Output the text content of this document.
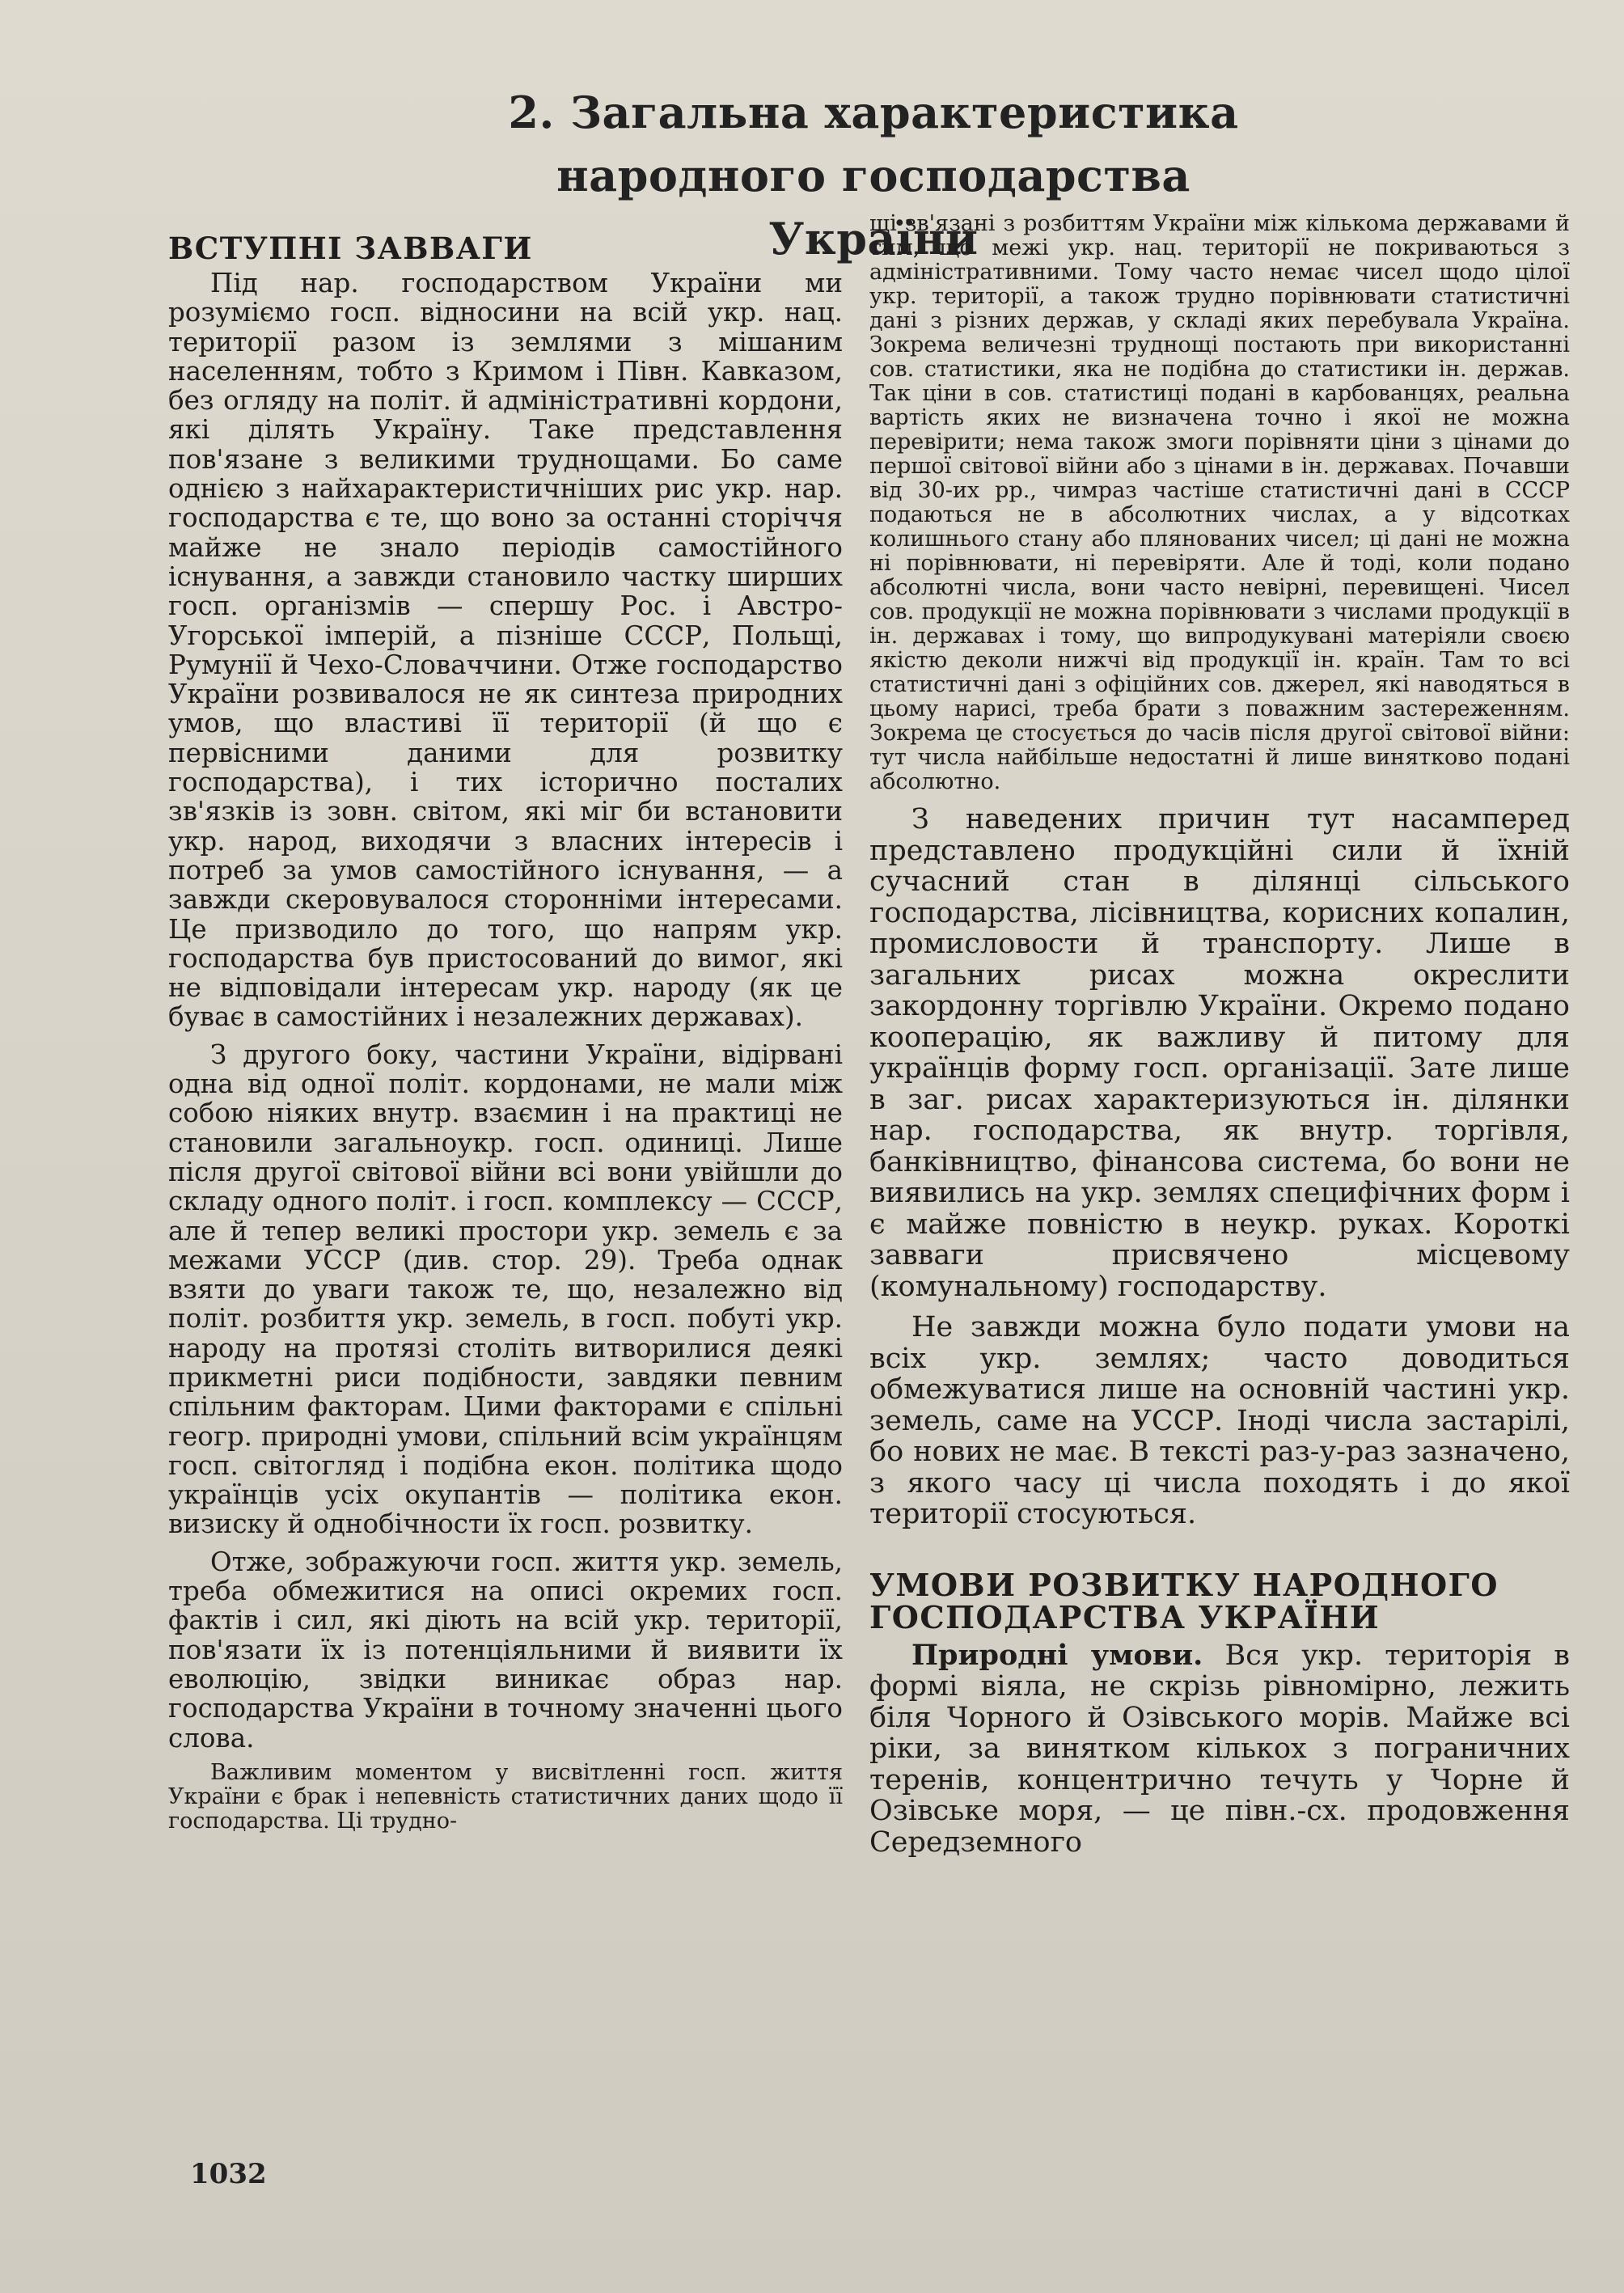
2. Загальна характеристика
народного господарства України
ВСТУПНІ ЗАВВАГИ

Під нар. господарством України ми розуміємо госп. відносини на всій укр. нац. території разом із землями з мішаним населенням, тобто з Кримом і Півн. Кавказом, без огляду на політ. й адміністративні кордони, які ділять Україну. Таке представлення пов'язане з великими труднощами. Бо саме однією з найхарактеристичніших рис укр. нар. господарства є те, що воно за останні сторіччя майже не знало періодів самостійного існування, а завжди становило частку ширших госп. організмів — спершу Рос. і Австро-Угорської імперій, а пізніше СССР, Польщі, Румунії й Чехо-Словаччини. Отже господарство України розвивалося не як синтеза природних умов, що властиві її території (й що є первісними даними для розвитку господарства), і тих історично посталих зв'язків із зовн. світом, які міг би встановити укр. народ, виходячи з власних інтересів і потреб за умов самостійного існування, — а завжди скеровувалося сторонніми інтересами. Це призводило до того, що напрям укр. господарства був пристосований до вимог, які не відповідали інтересам укр. народу (як це буває в самостійних і незалежних державах).

З другого боку, частини України, відірвані одна від одної політ. кордонами, не мали між собою ніяких внутр. взаємин і на практиці не становили загальноукр. госп. одиниці. Лише після другої світової війни всі вони увійшли до складу одного політ. і госп. комплексу — СССР, але й тепер великі простори укр. земель є за межами УССР (див. стор. 29). Треба однак взяти до уваги також те, що, незалежно від політ. розбиття укр. земель, в госп. побуті укр. народу на протязі століть витворилися деякі прикметні риси подібности, завдяки певним спільним факторам. Цими факторами є спільні геогр. природні умови, спільний всім українцям госп. світогляд і подібна екон. політика щодо українців усіх окупантів — політика екон. визиску й однобічности їх госп. розвитку.

Отже, зображуючи госп. життя укр. земель, треба обмежитися на описі окремих госп. фактів і сил, які діють на всій укр. території, пов'язати їх із потенціяльними й виявити їх еволюцію, звідки виникає образ нар. господарства України в точному значенні цього слова.

Важливим моментом у висвітленні госп. життя України є брак і непевність статистичних даних щодо її господарства. Ці трудно-

щі зв'язані з розбиттям України між кількома державами й тим, що межі укр. нац. території не покриваються з адміністративними. Тому часто немає чисел щодо цілої укр. території, а також трудно порівнювати статистичні дані з різних держав, у складі яких перебувала Україна. Зокрема величезні труднощі постають при використанні сов. статистики, яка не подібна до статистики ін. держав. Так ціни в сов. статистиці подані в карбованцях, реальна вартість яких не визначена точно і якої не можна перевірити; нема також змоги порівняти ціни з цінами до першої світової війни або з цінами в ін. державах. Почавши від 30-их рр., чимраз частіше статистичні дані в СССР подаються не в абсолютних числах, а у відсотках колишнього стану або плянованих чисел; ці дані не можна ні порівнювати, ні перевіряти. Але й тоді, коли подано абсолютні числа, вони часто невірні, перевищені. Чисел сов. продукції не можна порівнювати з числами продукції в ін. державах і тому, що випродукувані матеріяли своєю якістю деколи нижчі від продукції ін. країн. Там то всі статистичні дані з офіційних сов. джерел, які наводяться в цьому нарисі, треба брати з поважним застереженням. Зокрема це стосується до часів після другої світової війни: тут числа найбільше недостатні й лише винятково подані абсолютно.

З наведених причин тут насамперед представлено продукційні сили й їхній сучасний стан в ділянці сільського господарства, лісівництва, корисних копалин, промисловости й транспорту. Лише в загальних рисах можна окреслити закордонну торгівлю України. Окремо подано кооперацію, як важливу й питому для українців форму госп. організації. Зате лише в заг. рисах характеризуються ін. ділянки нар. господарства, як внутр. торгівля, банківництво, фінансова система, бо вони не виявились на укр. землях специфічних форм і є майже повністю в неукр. руках. Короткі завваги присвячено місцевому (комунальному) господарству.

Не завжди можна було подати умови на всіх укр. землях; часто доводиться обмежуватися лише на основній частині укр. земель, саме на УССР. Іноді числа застарілі, бо нових не має. В тексті раз-у-раз зазначено, з якого часу ці числа походять і до якої території стосуються.

УМОВИ РОЗВИТКУ НАРОДНОГО ГОСПОДАРСТВА УКРАЇНИ

Природні умови. Вся укр. територія в формі віяла, не скрізь рівномірно, лежить біля Чорного й Озівського морів. Майже всі ріки, за винятком кількох з пограничних теренів, концентрично течуть у Чорне й Озівське моря, — це півн.-сх. продовження Середземного

1032
